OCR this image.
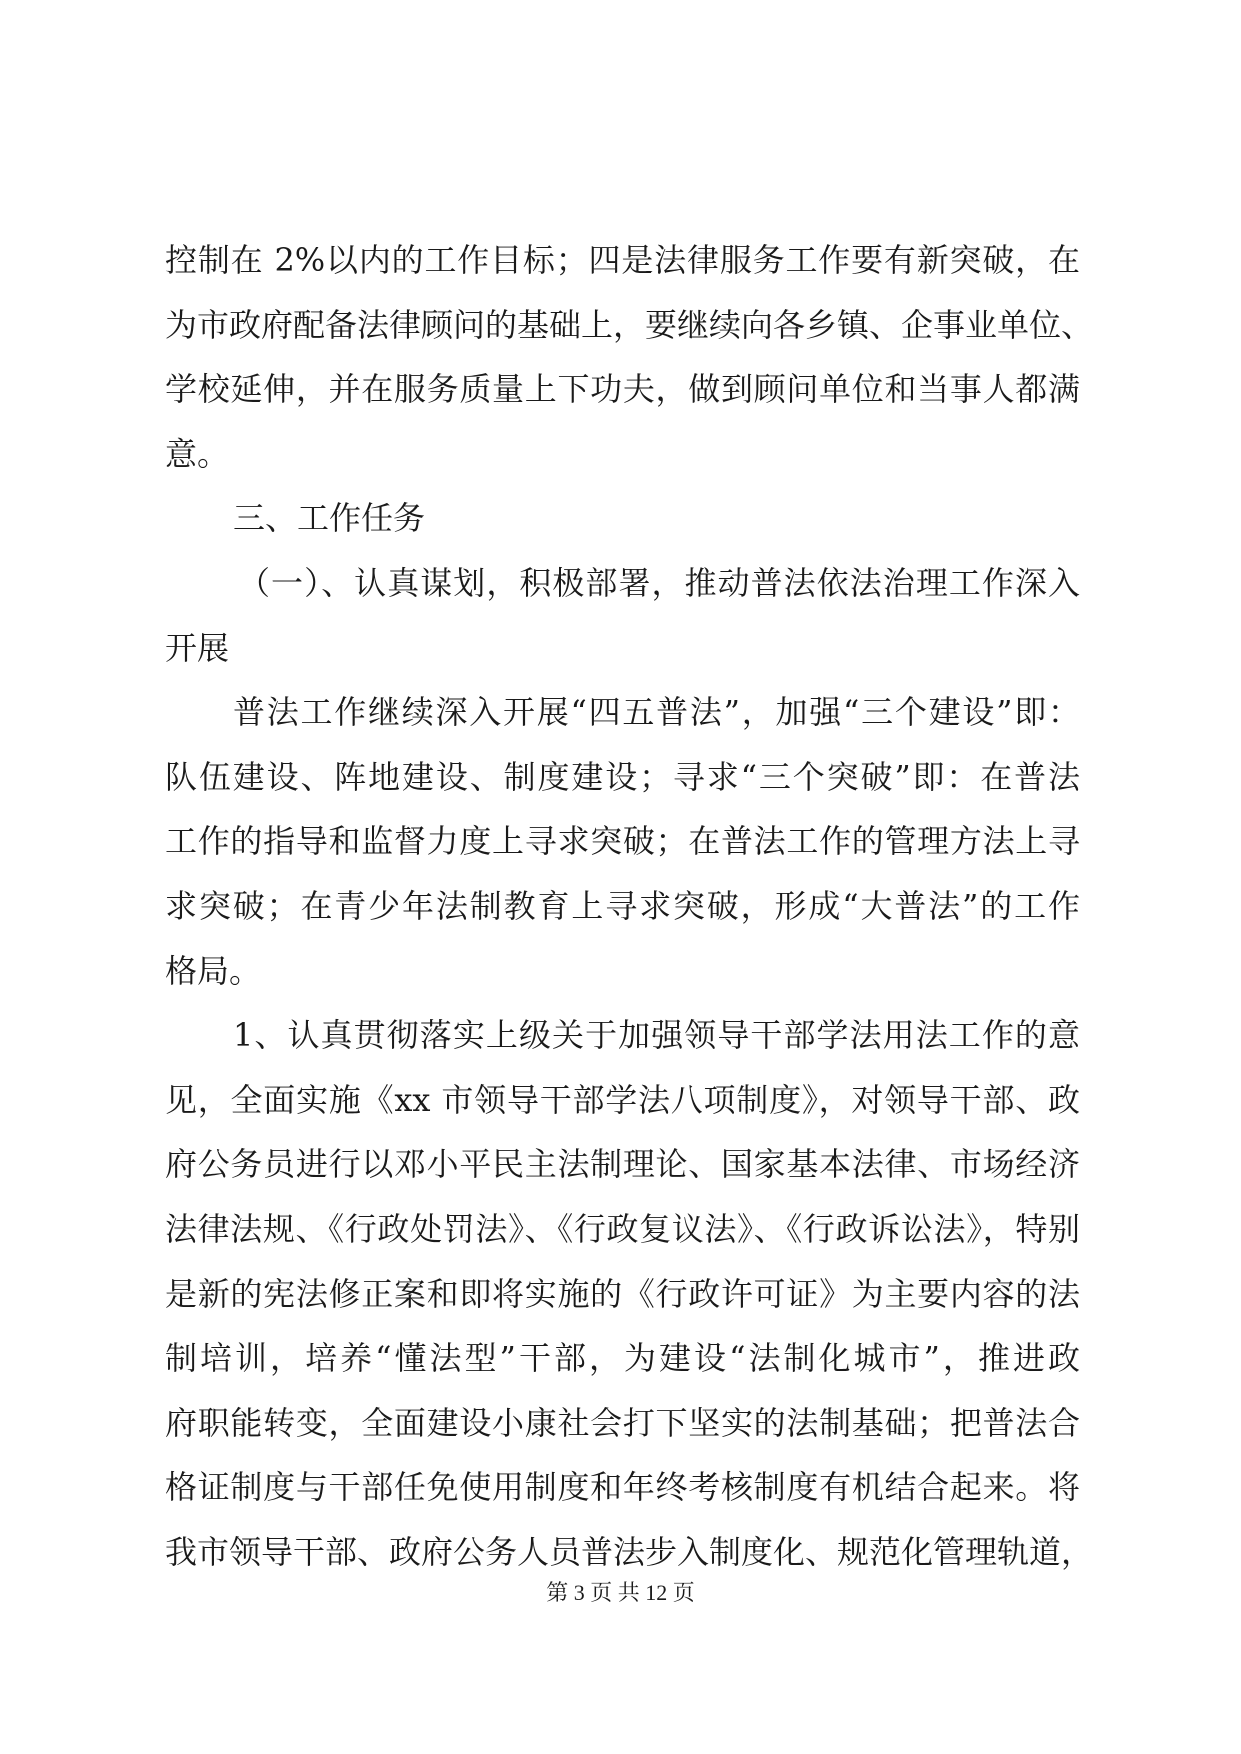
控制在 2%以内的工作目标；四是法律服务工作要有新突破，在
为市政府配备法律顾问的基础上，要继续向各乡镇、企事业单位、
学校延伸，并在服务质量上下功夫，做到顾问单位和当事人都满
意。
三、工作任务
（一）、认真谋划，积极部署，推动普法依法治理工作深入
开展
普法工作继续深入开展“四五普法”，加强“三个建设”即：
队伍建设、阵地建设、制度建设；寻求“三个突破”即：在普法
工作的指导和监督力度上寻求突破；在普法工作的管理方法上寻
求突破；在青少年法制教育上寻求突破，形成“大普法”的工作
格局。
1、认真贯彻落实上级关于加强领导干部学法用法工作的意
见，全面实施《xx 市领导干部学法八项制度》，对领导干部、政
府公务员进行以邓小平民主法制理论、国家基本法律、市场经济
法律法规、《行政处罚法》、《行政复议法》、《行政诉讼法》，特别
是新的宪法修正案和即将实施的《行政许可证》为主要内容的法
制培训，培养“懂法型”干部，为建设“法制化城市”，推进政
府职能转变，全面建设小康社会打下坚实的法制基础；把普法合
格证制度与干部任免使用制度和年终考核制度有机结合起来。将
我市领导干部、政府公务人员普法步入制度化、规范化管理轨道，
第 3 页 共 12 页
